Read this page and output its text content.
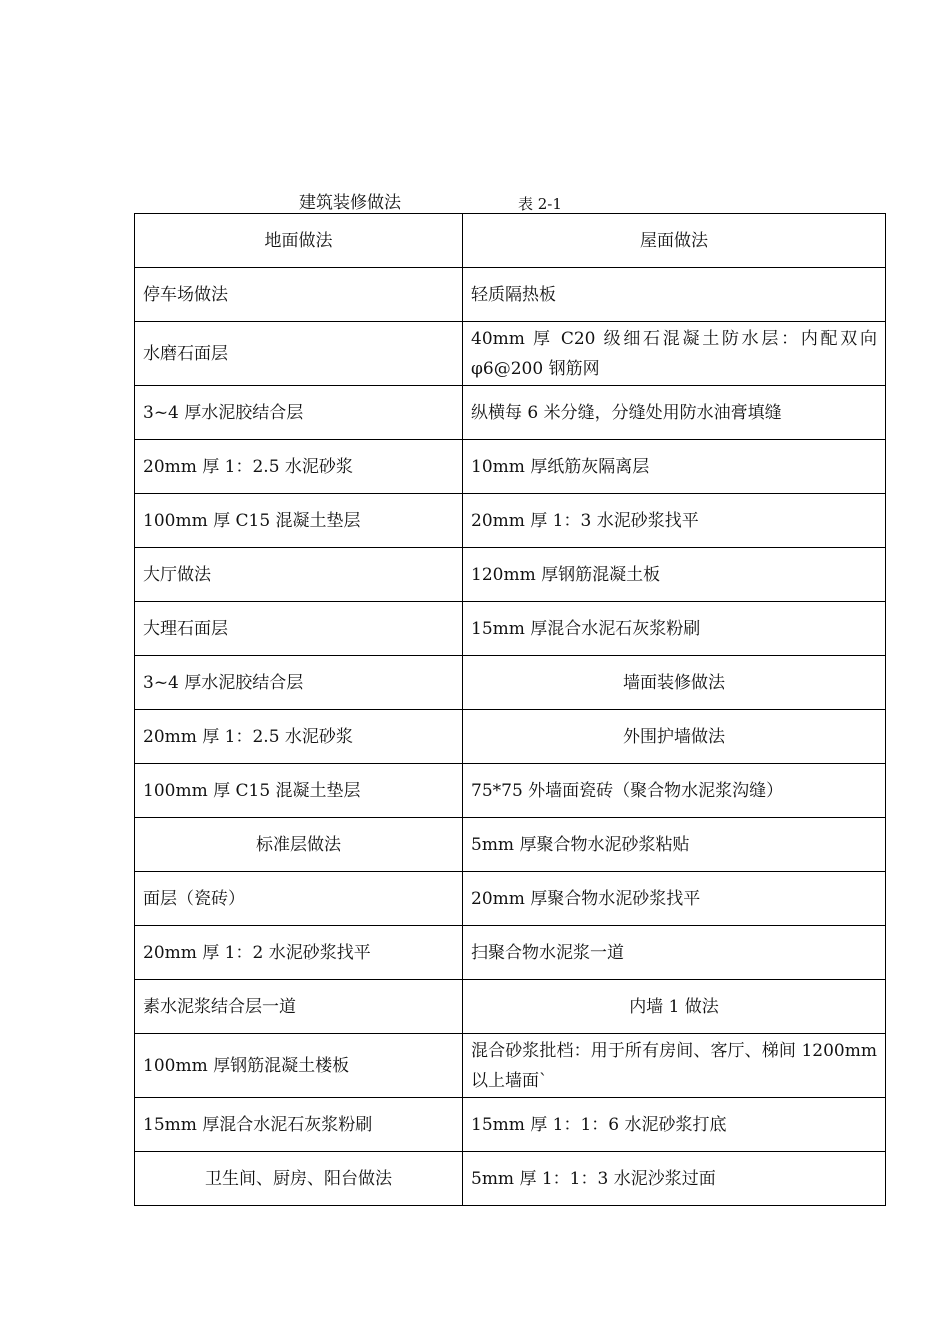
建筑装修做法	表 2-1
地面做法	屋面做法
停车场做法	轻质隔热板
水磨石面层	40mm 厚 C20 级细石混凝土防水层：内配双向φ6@200 钢筋网
3~4 厚水泥胶结合层	纵横每 6 米分缝，分缝处用防水油膏填缝
20mm 厚 1：2.5 水泥砂浆	10mm 厚纸筋灰隔离层
100mm 厚 C15 混凝土垫层	20mm 厚 1：3 水泥砂浆找平
大厅做法	120mm 厚钢筋混凝土板
大理石面层	15mm 厚混合水泥石灰浆粉刷
3~4 厚水泥胶结合层	墙面装修做法
20mm 厚 1：2.5 水泥砂浆	外围护墙做法
100mm 厚 C15 混凝土垫层	75*75 外墙面瓷砖（聚合物水泥浆沟缝）
标准层做法	5mm 厚聚合物水泥砂浆粘贴
面层（瓷砖）	20mm 厚聚合物水泥砂浆找平
20mm 厚 1：2 水泥砂浆找平	扫聚合物水泥浆一道
素水泥浆结合层一道	内墙 1 做法
100mm 厚钢筋混凝土楼板	混合砂浆批档：用于所有房间、客厅、梯间 1200mm 以上墙面`
15mm 厚混合水泥石灰浆粉刷	15mm 厚 1：1：6 水泥砂浆打底
卫生间、厨房、阳台做法	5mm 厚 1：1：3 水泥沙浆过面
